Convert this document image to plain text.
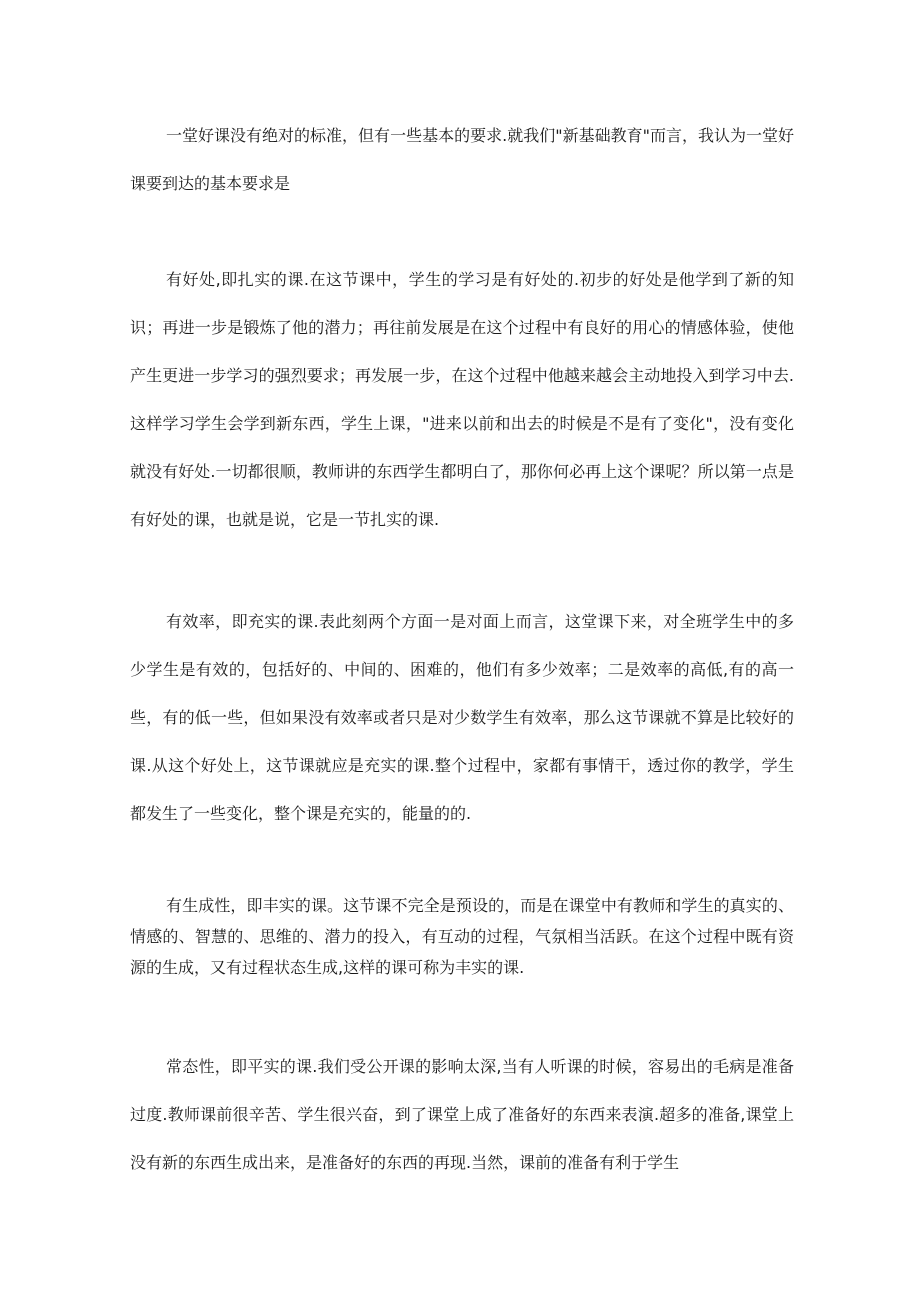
一堂好课没有绝对的标准，但有一些基本的要求.就我们"新基础教育"而言，我认为一堂好课要到达的基本要求是

有好处,即扎实的课.在这节课中，学生的学习是有好处的.初步的好处是他学到了新的知识；再进一步是锻炼了他的潜力；再往前发展是在这个过程中有良好的用心的情感体验，使他产生更进一步学习的强烈要求；再发展一步，在这个过程中他越来越会主动地投入到学习中去.这样学习学生会学到新东西，学生上课，"进来以前和出去的时候是不是有了变化"，没有变化就没有好处.一切都很顺，教师讲的东西学生都明白了，那你何必再上这个课呢？所以第一点是有好处的课，也就是说，它是一节扎实的课.

有效率，即充实的课.表此刻两个方面一是对面上而言，这堂课下来，对全班学生中的多少学生是有效的，包括好的、中间的、困难的，他们有多少效率；二是效率的高低,有的高一些，有的低一些，但如果没有效率或者只是对少数学生有效率，那么这节课就不算是比较好的课.从这个好处上，这节课就应是充实的课.整个过程中，家都有事情干，透过你的教学，学生都发生了一些变化，整个课是充实的，能量的的.

有生成性，即丰实的课。这节课不完全是预设的，而是在课堂中有教师和学生的真实的、情感的、智慧的、思维的、潜力的投入，有互动的过程，气氛相当活跃。在这个过程中既有资源的生成，又有过程状态生成,这样的课可称为丰实的课.

常态性，即平实的课.我们受公开课的影响太深,当有人听课的时候，容易出的毛病是准备过度.教师课前很辛苦、学生很兴奋，到了课堂上成了准备好的东西来表演.超多的准备,课堂上没有新的东西生成出来，是准备好的东西的再现.当然，课前的准备有利于学生
